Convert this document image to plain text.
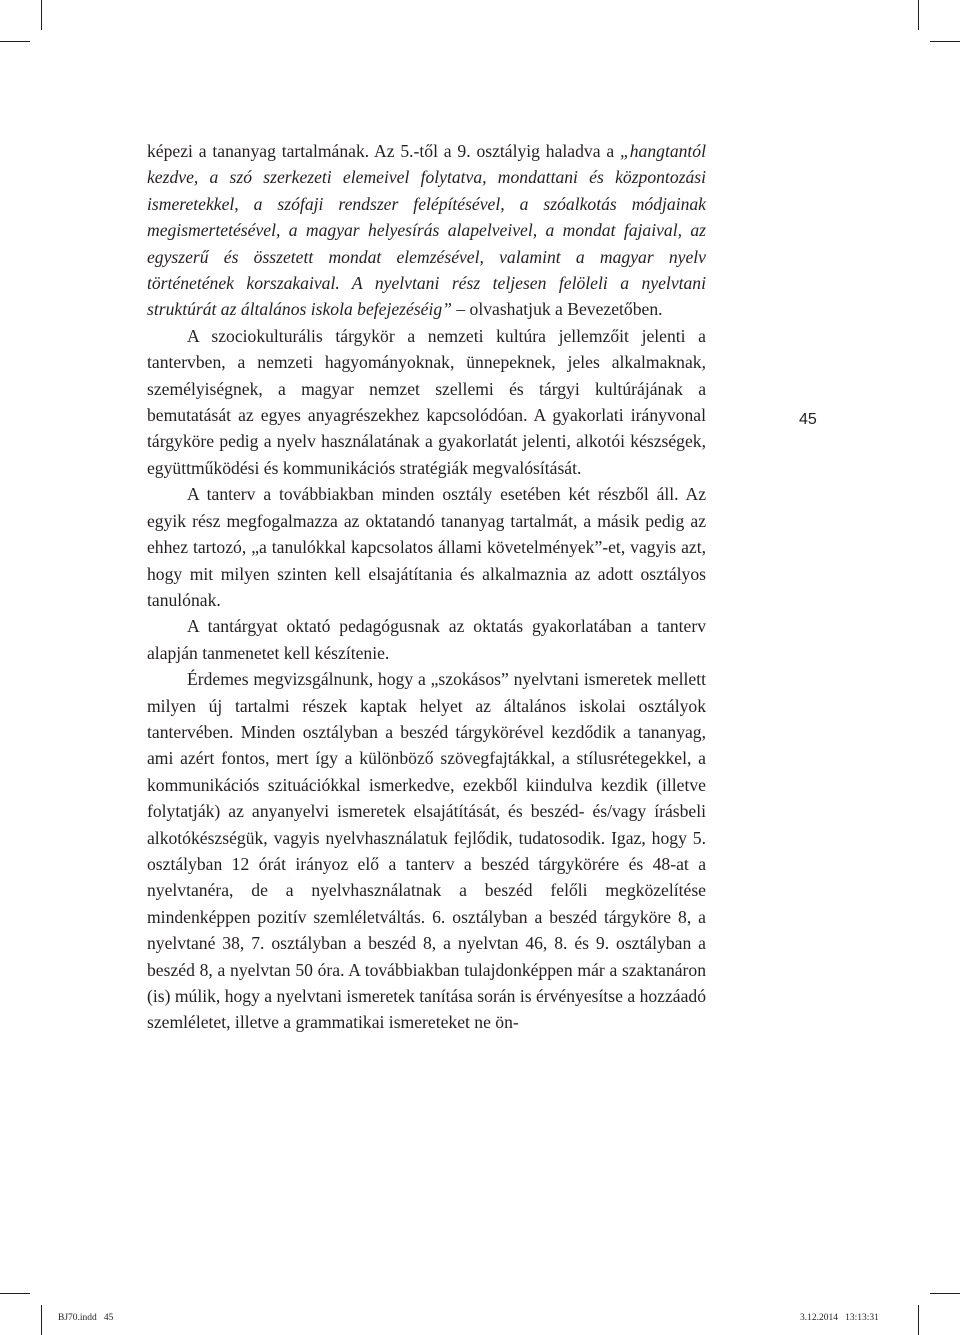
képezi a tananyag tartalmának. Az 5.-től a 9. osztályig haladva a „hangtantól kezdve, a szó szerkezeti elemeivel folytatva, mondattani és központozási ismeretekkel, a szófaji rendszer felépítésével, a szóalkotás módjainak megismertetésével, a magyar helyesírás alapelveivel, a mondat fajaival, az egyszerű és összetett mondat elemzésével, valamint a magyar nyelv történetének korszakaival. A nyelvtani rész teljesen felöleli a nyelvtani struktúrát az általános iskola befejezéséig” – olvashatjuk a Bevezetőben.

A szociokulturális tárgykör a nemzeti kultúra jellemzőit jelenti a tantervben, a nemzeti hagyományoknak, ünnepeknek, jeles alkalmaknak, személyiségnek, a magyar nemzet szellemi és tárgyi kultúrájának a bemutatását az egyes anyagrészekhez kapcsolódóan. A gyakorlati irányvonal tárgyköre pedig a nyelv használatának a gyakorlatát jelenti, alkotói készségek, együttműködési és kommunikációs stratégiák megvalósítását.

A tanterv a továbbiakban minden osztály esetében két részből áll. Az egyik rész megfogalmazza az oktatandó tananyag tartalmát, a másik pedig az ehhez tartozó, „a tanulókkal kapcsolatos állami követelmények”-et, vagyis azt, hogy mit milyen szinten kell elsajátítania és alkalmaznia az adott osztályos tanulónak.

A tantárgyat oktató pedagógusnak az oktatás gyakorlatában a tanterv alapján tanmenetet kell készítenie.

Érdemes megvizsgálnunk, hogy a „szokásos” nyelvtani ismeretek mellett milyen új tartalmi részek kaptak helyet az általános iskolai osztályok tantervében. Minden osztályban a beszéd tárgykörével kezdődik a tananyag, ami azért fontos, mert így a különböző szövegfajtákkal, a stílusrétegekkel, a kommunikációs szituációkkal ismerkedve, ezekből kiindulva kezdik (illetve folytatják) az anyanyelvi ismeretek elsajátítását, és beszéd- és/vagy írásbeli alkotókészségük, vagyis nyelvhasználatuk fejlődik, tudatosodik. Igaz, hogy 5. osztályban 12 órát irányoz elő a tanterv a beszéd tárgykörére és 48-at a nyelvtanéra, de a nyelvhasználatnak a beszéd felőli megközelítése mindenképpen pozitív szemléletváltás. 6. osztályban a beszéd tárgyköre 8, a nyelvtané 38, 7. osztályban a beszéd 8, a nyelvtan 46, 8. és 9. osztályban a beszéd 8, a nyelvtan 50 óra. A továbbiakban tulajdonképpen már a szaktanáron (is) múlik, hogy a nyelvtani ismeretek tanítása során is érvényesítse a hozzáadó szemléletet, illetve a grammatikai ismereteket ne ön-

45
BJ70.indd   45	3.12.2014   13:13:31
